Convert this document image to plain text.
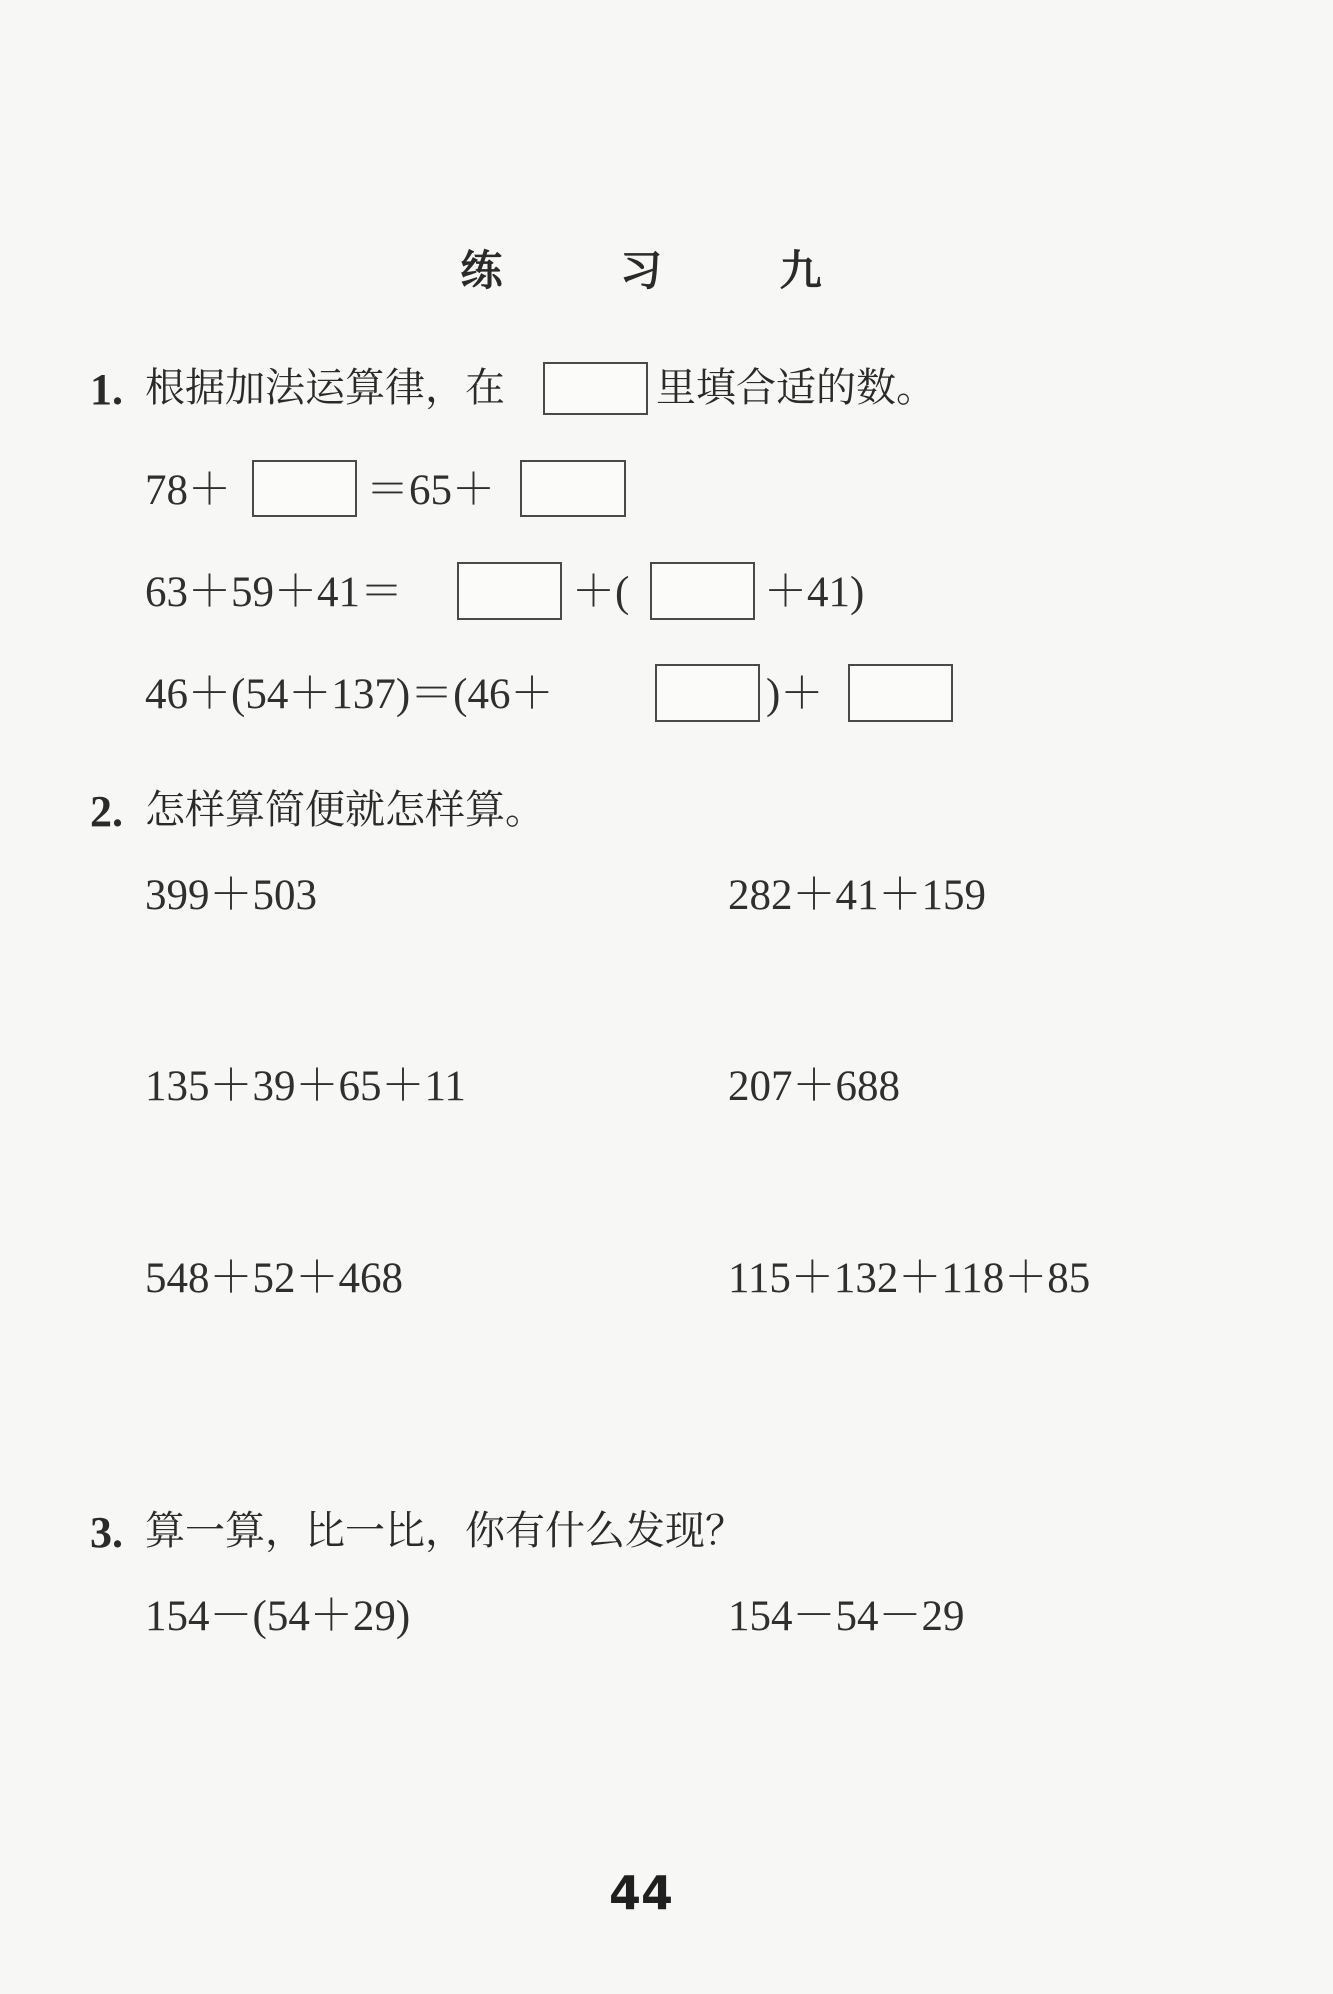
练　习　九
1. 根据加法运算律，在	里填合适的数。
78＋	＝65＋
63＋59＋41＝	＋(	＋41)
46＋(54＋137)＝(46＋	)＋
2. 怎样算简便就怎样算。
399＋503	282＋41＋159
135＋39＋65＋11	207＋688
548＋52＋468	115＋132＋118＋85
3. 算一算，比一比，你有什么发现？
154－(54＋29)	154－54－29
44
